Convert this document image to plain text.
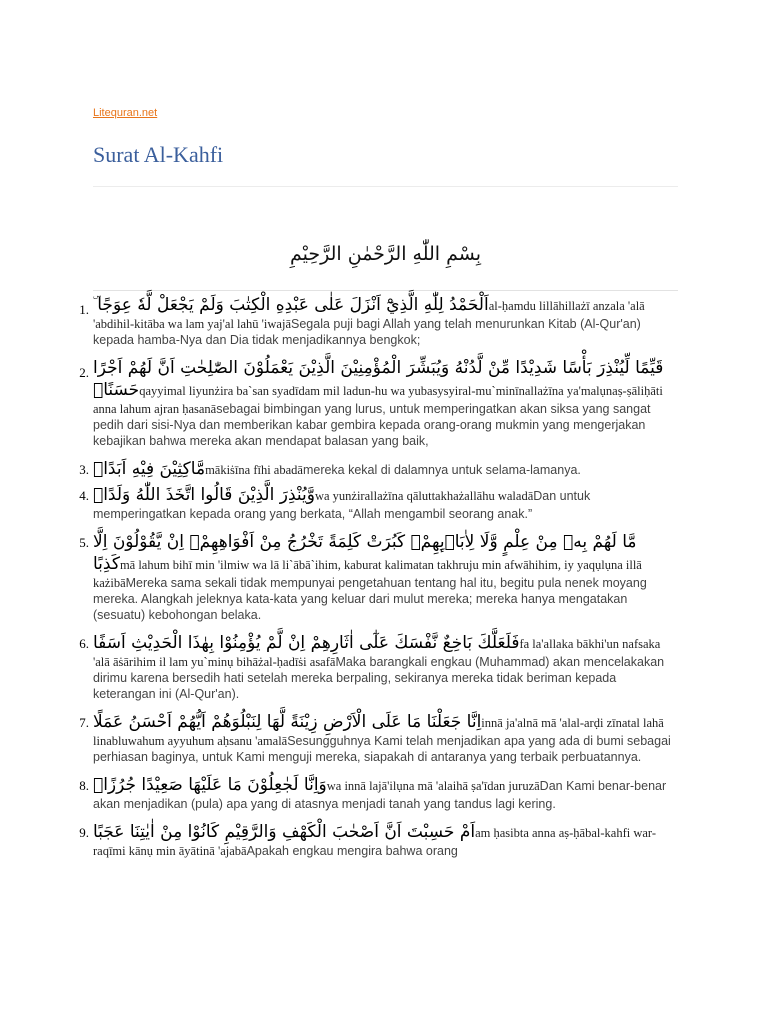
Litequran.net
Surat Al-Kahfi
بِسْمِ اللّٰهِ الرَّحْمٰنِ الرَّحِيْمِ
1. اَلْحَمْدُ لِلّٰهِ الَّذِيْٓ اَنْزَلَ عَلٰى عَبْدِهِ الْكِتٰبَ وَلَمْ يَجْعَلْ لَّهٗ عِوَجًا ۜal-ḥamdu lillāhillażī anzala 'alā 'abdihil-kitāba wa lam yaj'al lahū 'iwajāSegala puji bagi Allah yang telah menurunkan Kitab (Al-Qur'an) kepada hamba-Nya dan Dia tidak menjadikannya bengkok;
2. قَيِّمًا لِّيُنْذِرَ بَأْسًا شَدِيْدًا مِّنْ لَّدُنْهُ وَيُبَشِّرَ الْمُؤْمِنِيْنَ الَّذِيْنَ يَعْمَلُوْنَ الصّٰلِحٰتِ اَنَّ لَهُمْ اَجْرًا حَسَنًاۙqayyimal liyunżira ba`san syadīdam mil ladun-hu wa yubasysyiral-mu`minīnallażīna ya'malụnaṣ-ṣāliḥāti anna lahum ajran ḥasanāsebagai bimbingan yang lurus, untuk memperingatkan akan siksa yang sangat pedih dari sisi-Nya dan memberikan kabar gembira kepada orang-orang mukmin yang mengerjakan kebajikan bahwa mereka akan mendapat balasan yang baik,
3. مَّاكِثِيْنَ فِيْهِ اَبَدًاۙmākiṡīna fīhi abadāmereka kekal di dalamnya untuk selama-lamanya.
4. وَّيُنْذِرَ الَّذِيْنَ قَالُوا اتَّخَذَ اللّٰهُ وَلَدًاۖwa yunżirallażīna qāluttakhażallāhu waladāDan untuk memperingatkan kepada orang yang berkata, “Allah mengambil seorang anak.”
5. مَّا لَهُمْ بِهٖ مِنْ عِلْمٍ وَّلَا لِاٰبَاۤىِٕهِمْۗ كَبُرَتْ كَلِمَةً تَخْرُجُ مِنْ اَفْوَاهِهِمْۗ اِنْ يَّقُوْلُوْنَ اِلَّا كَذِبًاmā lahum bihī min 'ilmiw wa lā li`ābā`ihim, kaburat kalimatan takhruju min afwāhihim, iy yaqụlụna illā każibāMereka sama sekali tidak mempunyai pengetahuan tentang hal itu, begitu pula nenek moyang mereka. Alangkah jeleknya kata-kata yang keluar dari mulut mereka; mereka hanya mengatakan (sesuatu) kebohongan belaka.
6. فَلَعَلَّكَ بَاخِعٌ نَّفْسَكَ عَلٰٓى اٰثَارِهِمْ اِنْ لَّمْ يُؤْمِنُوْا بِهٰذَا الْحَدِيْثِ اَسَفًاfa la'allaka bākhi'un nafsaka 'alā āṡārihim il lam yu`minụ bihāżal-ḥadīṡi asafāMaka barangkali engkau (Muhammad) akan mencelakakan dirimu karena bersedih hati setelah mereka berpaling, sekiranya mereka tidak beriman kepada keterangan ini (Al-Qur'an).
7. اِنَّا جَعَلْنَا مَا عَلَى الْاَرْضِ زِيْنَةً لَّهَا لِنَبْلُوَهُمْ اَيُّهُمْ اَحْسَنُ عَمَلًاinnā ja'alnā mā 'alal-arḍi zīnatal lahā linabluwahum ayyuhum aḥsanu 'amalāSesungguhnya Kami telah menjadikan apa yang ada di bumi sebagai perhiasan baginya, untuk Kami menguji mereka, siapakah di antaranya yang terbaik perbuatannya.
8. وَاِنَّا لَجٰعِلُوْنَ مَا عَلَيْهَا صَعِيْدًا جُرُزًاۗwa innā lajā'ilụna mā 'alaihā ṣa'īdan juruzāDan Kami benar-benar akan menjadikan (pula) apa yang di atasnya menjadi tanah yang tandus lagi kering.
9. اَمْ حَسِبْتَ اَنَّ اَصْحٰبَ الْكَهْفِ وَالرَّقِيْمِ كَانُوْا مِنْ اٰيٰتِنَا عَجَبًاam ḥasibta anna aṣ-ḥābal-kahfi war-raqīmi kānụ min āyātinā 'ajabāApakah engkau mengira bahwa orang
